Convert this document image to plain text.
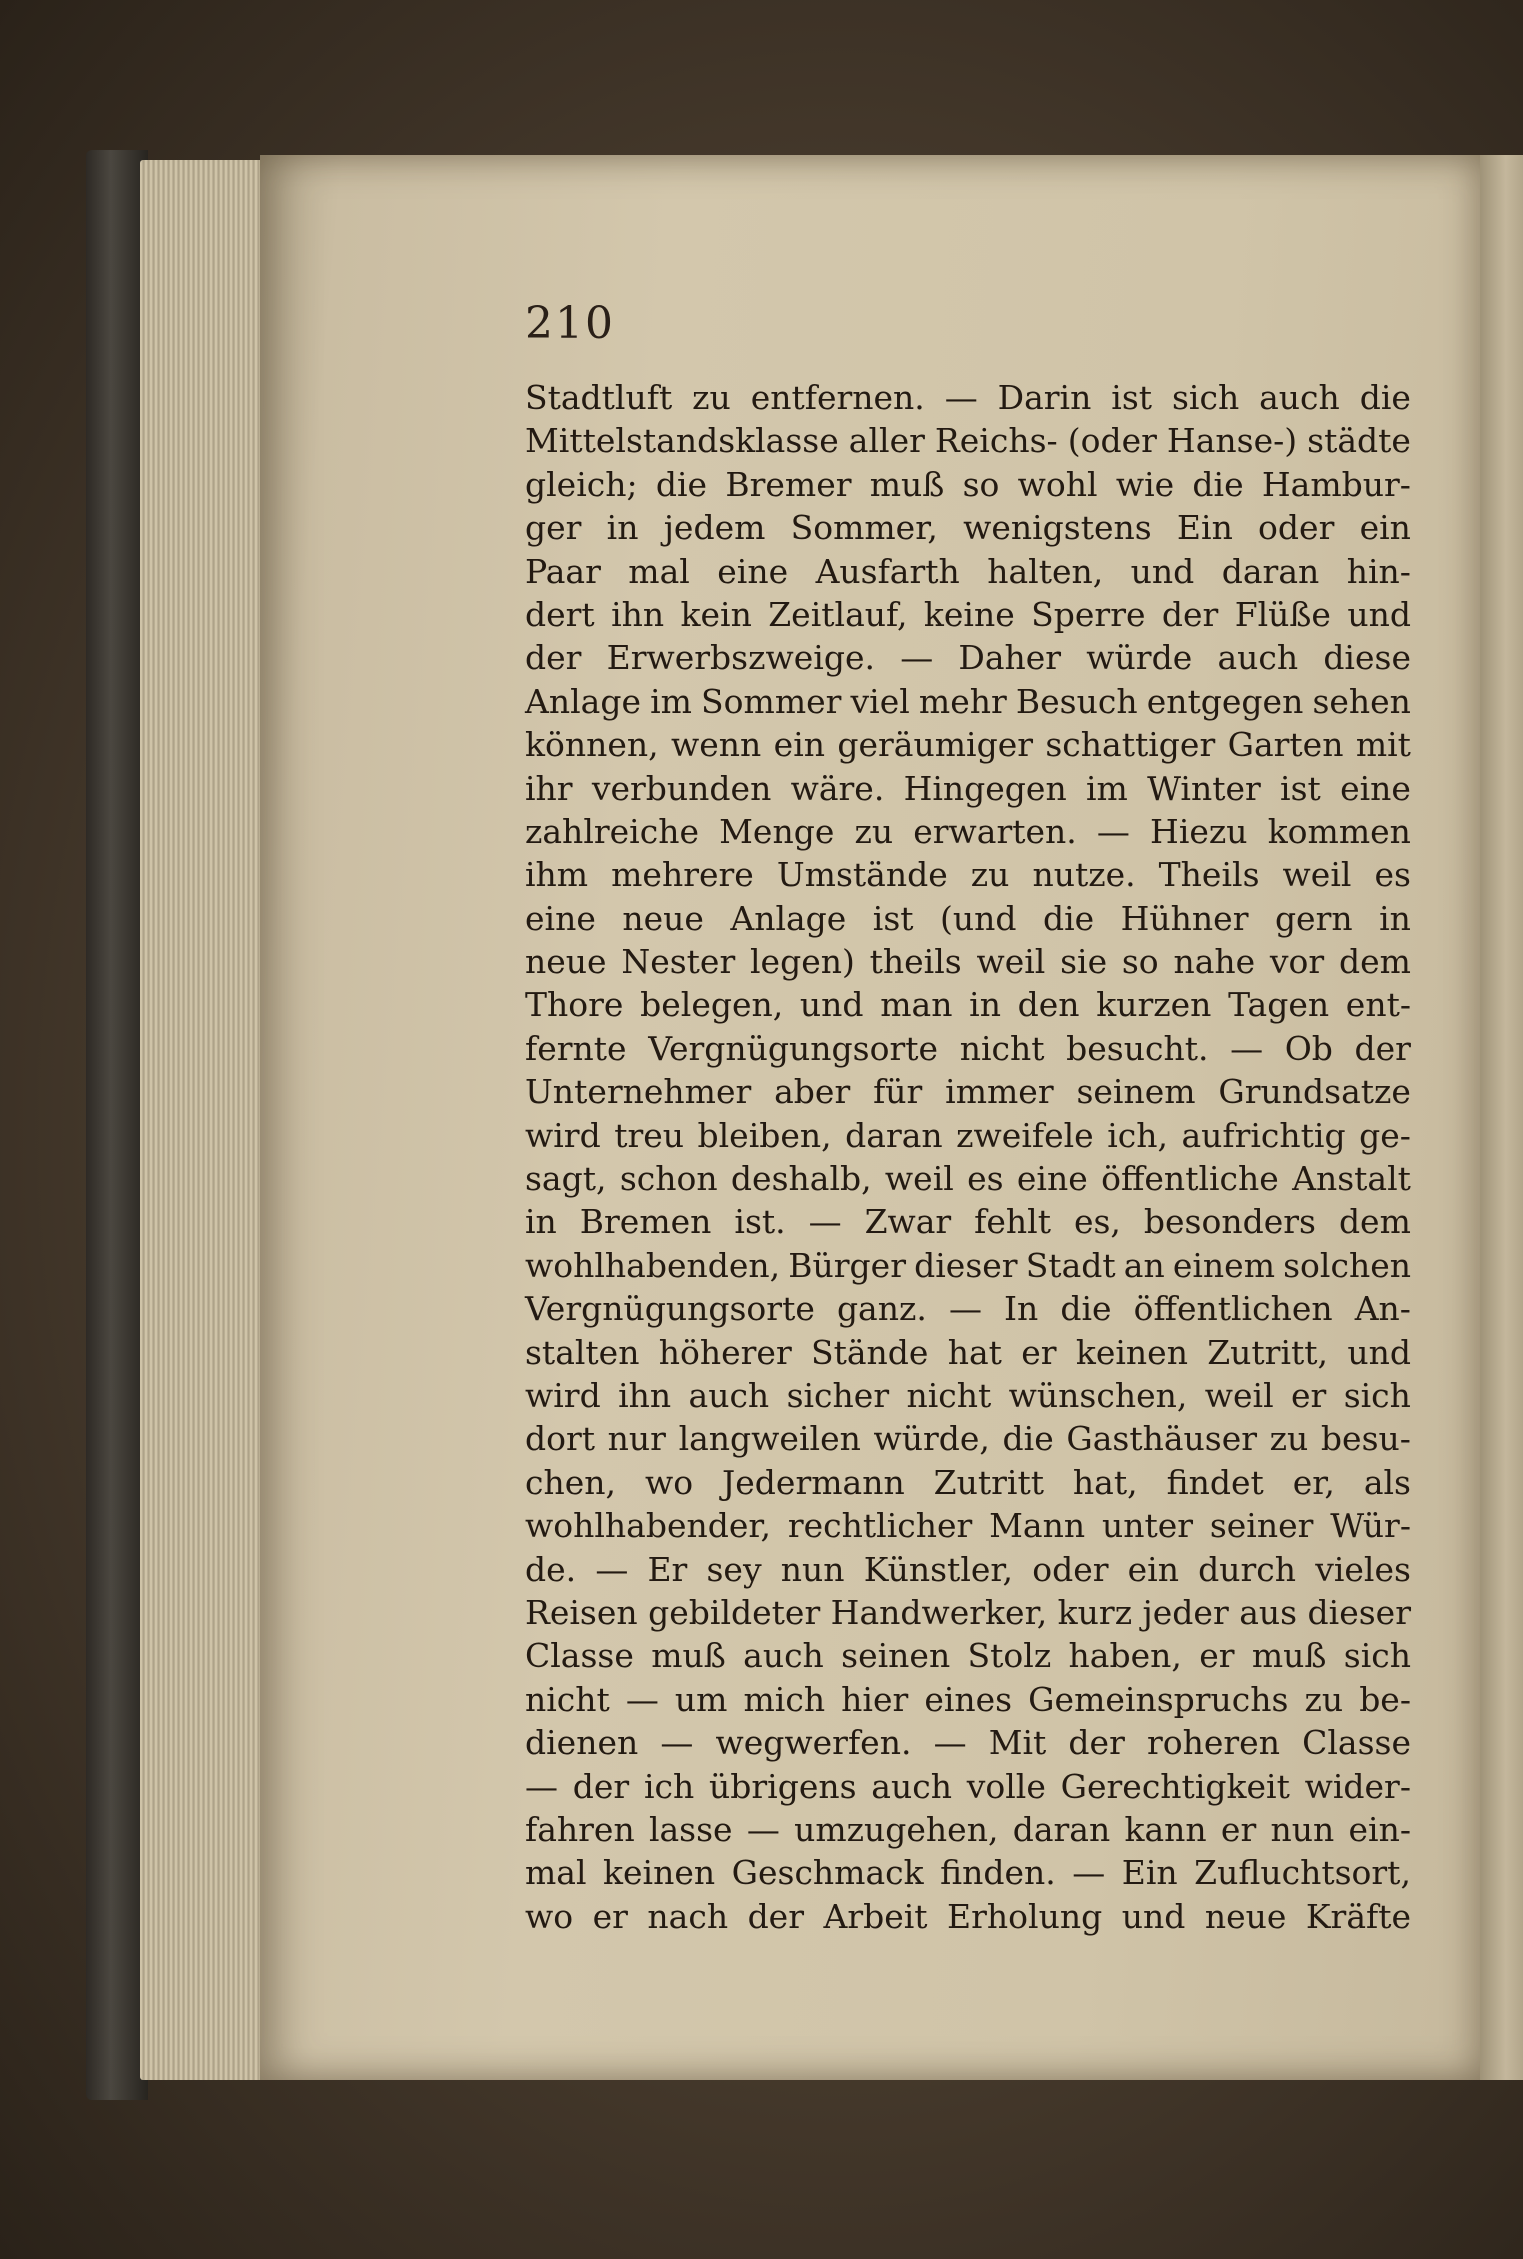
210
Stadtluft zu entfernen. — Darin ist sich auch die
Mittelstandsklasse aller Reichs- (oder Hanse-) städte
gleich; die Bremer muß so wohl wie die Hambur-
ger in jedem Sommer, wenigstens Ein oder ein
Paar mal eine Ausfarth halten, und daran hin-
dert ihn kein Zeitlauf, keine Sperre der Flüße und
der Erwerbszweige. — Daher würde auch diese
Anlage im Sommer viel mehr Besuch entgegen sehen
können, wenn ein geräumiger schattiger Garten mit
ihr verbunden wäre. Hingegen im Winter ist eine
zahlreiche Menge zu erwarten. — Hiezu kommen
ihm mehrere Umstände zu nutze. Theils weil es
eine neue Anlage ist (und die Hühner gern in
neue Nester legen) theils weil sie so nahe vor dem
Thore belegen, und man in den kurzen Tagen ent-
fernte Vergnügungsorte nicht besucht. — Ob der
Unternehmer aber für immer seinem Grundsatze
wird treu bleiben, daran zweifele ich, aufrichtig ge-
sagt, schon deshalb, weil es eine öffentliche Anstalt
in Bremen ist. — Zwar fehlt es, besonders dem
wohlhabenden, Bürger dieser Stadt an einem solchen
Vergnügungsorte ganz. — In die öffentlichen An-
stalten höherer Stände hat er keinen Zutritt, und
wird ihn auch sicher nicht wünschen, weil er sich
dort nur langweilen würde, die Gasthäuser zu besu-
chen, wo Jedermann Zutritt hat, findet er, als
wohlhabender, rechtlicher Mann unter seiner Wür-
de. — Er sey nun Künstler, oder ein durch vieles
Reisen gebildeter Handwerker, kurz jeder aus dieser
Classe muß auch seinen Stolz haben, er muß sich
nicht — um mich hier eines Gemeinspruchs zu be-
dienen — wegwerfen. — Mit der roheren Classe
— der ich übrigens auch volle Gerechtigkeit wider-
fahren lasse — umzugehen, daran kann er nun ein-
mal keinen Geschmack finden. — Ein Zufluchtsort,
wo er nach der Arbeit Erholung und neue Kräfte
